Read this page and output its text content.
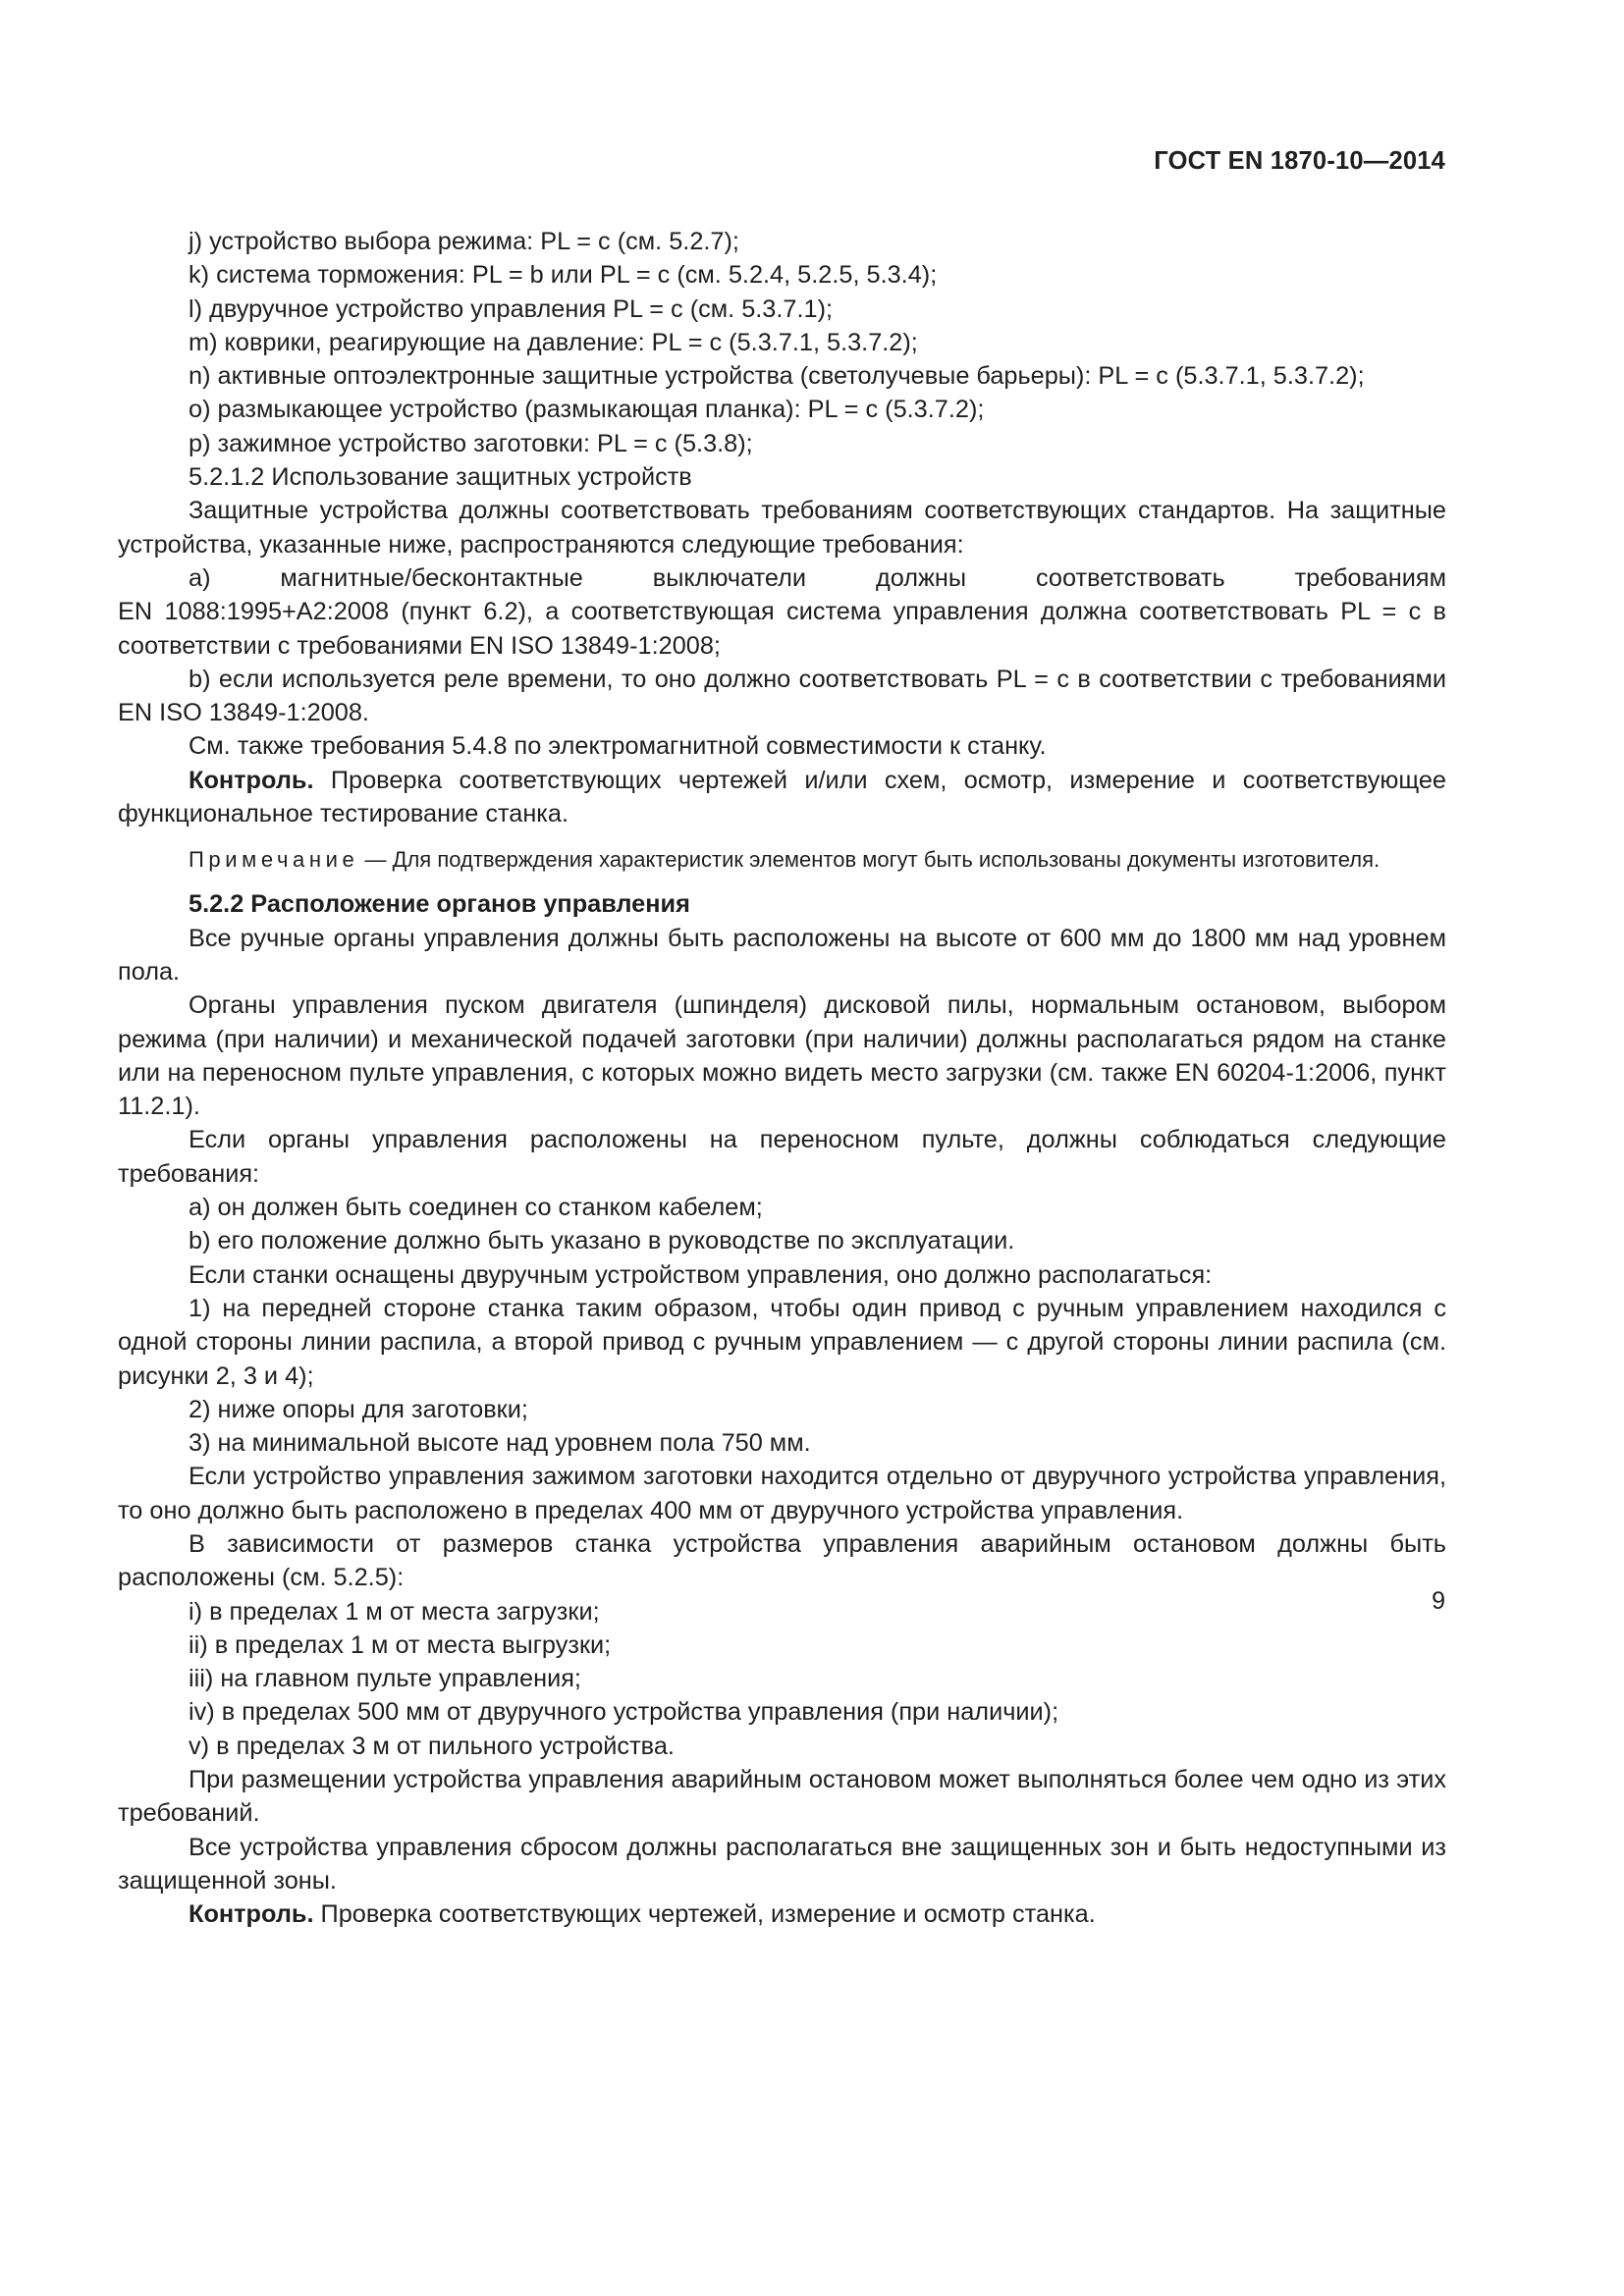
ГОСТ EN 1870-10—2014

j) устройство выбора режима: PL = c (см. 5.2.7);

k) система торможения: PL = b или PL = c (см. 5.2.4, 5.2.5, 5.3.4);

l) двуручное устройство управления PL = c (см. 5.3.7.1);

m) коврики, реагирующие на давление: PL = c (5.3.7.1, 5.3.7.2);

n) активные оптоэлектронные защитные устройства (светолучевые барьеры): PL = c (5.3.7.1, 5.3.7.2);

o) размыкающее устройство (размыкающая планка): PL = c (5.3.7.2);

p) зажимное устройство заготовки: PL = c (5.3.8);

5.2.1.2 Использование защитных устройств

Защитные устройства должны соответствовать требованиям соответствующих стандартов. На защитные устройства, указанные ниже, распространяются следующие требования:

a) магнитные/бесконтактные выключатели должны соответствовать требованиям

EN 1088:1995+A2:2008 (пункт 6.2), а соответствующая система управления должна соответствовать PL = c в соответствии с требованиями EN ISO 13849-1:2008;

b) если используется реле времени, то оно должно соответствовать PL = c в соответствии с требованиями EN ISO 13849-1:2008.

См. также требования 5.4.8 по электромагнитной совместимости к станку.

Контроль. Проверка соответствующих чертежей и/или схем, осмотр, измерение и соответствующее функциональное тестирование станка.

Примечание — Для подтверждения характеристик элементов могут быть использованы документы изготовителя.

5.2.2 Расположение органов управления

Все ручные органы управления должны быть расположены на высоте от 600 мм до 1800 мм над уровнем пола.

Органы управления пуском двигателя (шпинделя) дисковой пилы, нормальным остановом, выбором режима (при наличии) и механической подачей заготовки (при наличии) должны располагаться рядом на станке или на переносном пульте управления, с которых можно видеть место загрузки (см. также EN 60204-1:2006, пункт 11.2.1).

Если органы управления расположены на переносном пульте, должны соблюдаться следующие требования:

a) он должен быть соединен со станком кабелем;

b) его положение должно быть указано в руководстве по эксплуатации.

Если станки оснащены двуручным устройством управления, оно должно располагаться:

1) на передней стороне станка таким образом, чтобы один привод с ручным управлением находился с одной стороны линии распила, а второй привод с ручным управлением — с другой стороны линии распила (см. рисунки 2, 3 и 4);

2) ниже опоры для заготовки;

3) на минимальной высоте над уровнем пола 750 мм.

Если устройство управления зажимом заготовки находится отдельно от двуручного устройства управления, то оно должно быть расположено в пределах 400 мм от двуручного устройства управления.

В зависимости от размеров станка устройства управления аварийным остановом должны быть расположены (см. 5.2.5):

i) в пределах 1 м от места загрузки;

ii) в пределах 1 м от места выгрузки;

iii) на главном пульте управления;

iv) в пределах 500 мм от двуручного устройства управления (при наличии);

v) в пределах 3 м от пильного устройства.

При размещении устройства управления аварийным остановом может выполняться более чем одно из этих требований.

Все устройства управления сбросом должны располагаться вне защищенных зон и быть недоступными из защищенной зоны.

Контроль. Проверка соответствующих чертежей, измерение и осмотр станка.

9
